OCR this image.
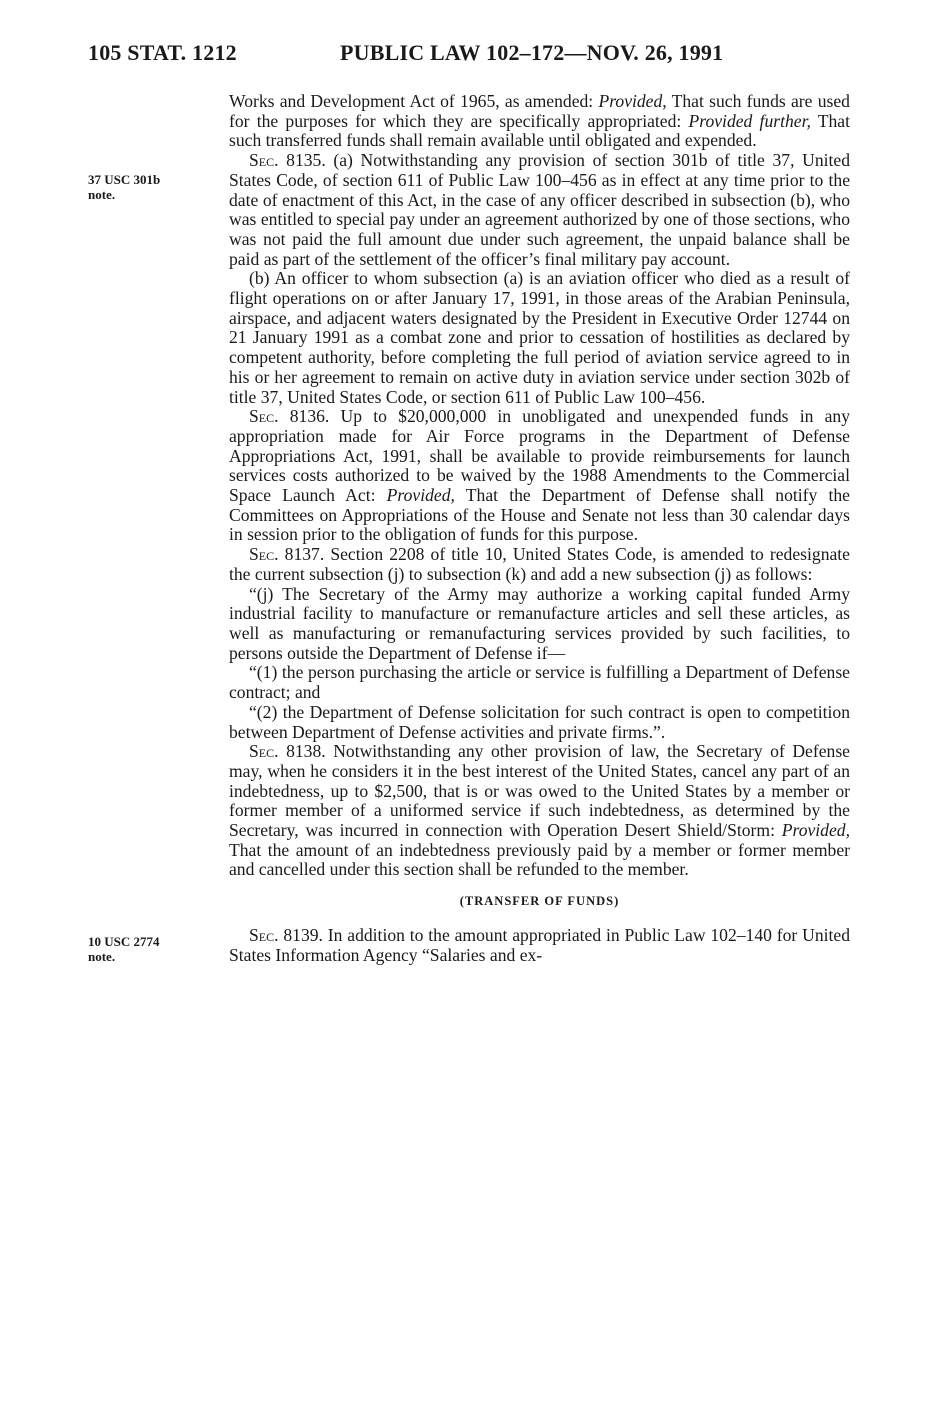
105 STAT. 1212	PUBLIC LAW 102–172—NOV. 26, 1991
37 USC 301b
note.
10 USC 2774
note.

Works and Development Act of 1965, as amended: Provided, That such funds are used for the purposes for which they are specifically appropriated: Provided further, That such transferred funds shall remain available until obligated and expended.

Sec. 8135. (a) Notwithstanding any provision of section 301b of title 37, United States Code, of section 611 of Public Law 100–456 as in effect at any time prior to the date of enactment of this Act, in the case of any officer described in subsection (b), who was entitled to special pay under an agreement authorized by one of those sections, who was not paid the full amount due under such agreement, the unpaid balance shall be paid as part of the settlement of the officer’s final military pay account.

(b) An officer to whom subsection (a) is an aviation officer who died as a result of flight operations on or after January 17, 1991, in those areas of the Arabian Peninsula, airspace, and adjacent waters designated by the President in Executive Order 12744 on 21 January 1991 as a combat zone and prior to cessation of hostilities as declared by competent authority, before completing the full period of aviation service agreed to in his or her agreement to remain on active duty in aviation service under section 302b of title 37, United States Code, or section 611 of Public Law 100–456.

Sec. 8136. Up to $20,000,000 in unobligated and unexpended funds in any appropriation made for Air Force programs in the Department of Defense Appropriations Act, 1991, shall be available to provide reimbursements for launch services costs authorized to be waived by the 1988 Amendments to the Commercial Space Launch Act: Provided, That the Department of Defense shall notify the Committees on Appropriations of the House and Senate not less than 30 calendar days in session prior to the obligation of funds for this purpose.

Sec. 8137. Section 2208 of title 10, United States Code, is amended to redesignate the current subsection (j) to subsection (k) and add a new subsection (j) as follows:

“(j) The Secretary of the Army may authorize a working capital funded Army industrial facility to manufacture or remanufacture articles and sell these articles, as well as manufacturing or remanufacturing services provided by such facilities, to persons outside the Department of Defense if—

“(1) the person purchasing the article or service is fulfilling a Department of Defense contract; and

“(2) the Department of Defense solicitation for such contract is open to competition between Department of Defense activities and private firms.”.

Sec. 8138. Notwithstanding any other provision of law, the Secretary of Defense may, when he considers it in the best interest of the United States, cancel any part of an indebtedness, up to $2,500, that is or was owed to the United States by a member or former member of a uniformed service if such indebtedness, as determined by the Secretary, was incurred in connection with Operation Desert Shield/Storm: Provided, That the amount of an indebtedness previously paid by a member or former member and cancelled under this section shall be refunded to the member.

(TRANSFER OF FUNDS)

Sec. 8139. In addition to the amount appropriated in Public Law 102–140 for United States Information Agency “Salaries and ex-
